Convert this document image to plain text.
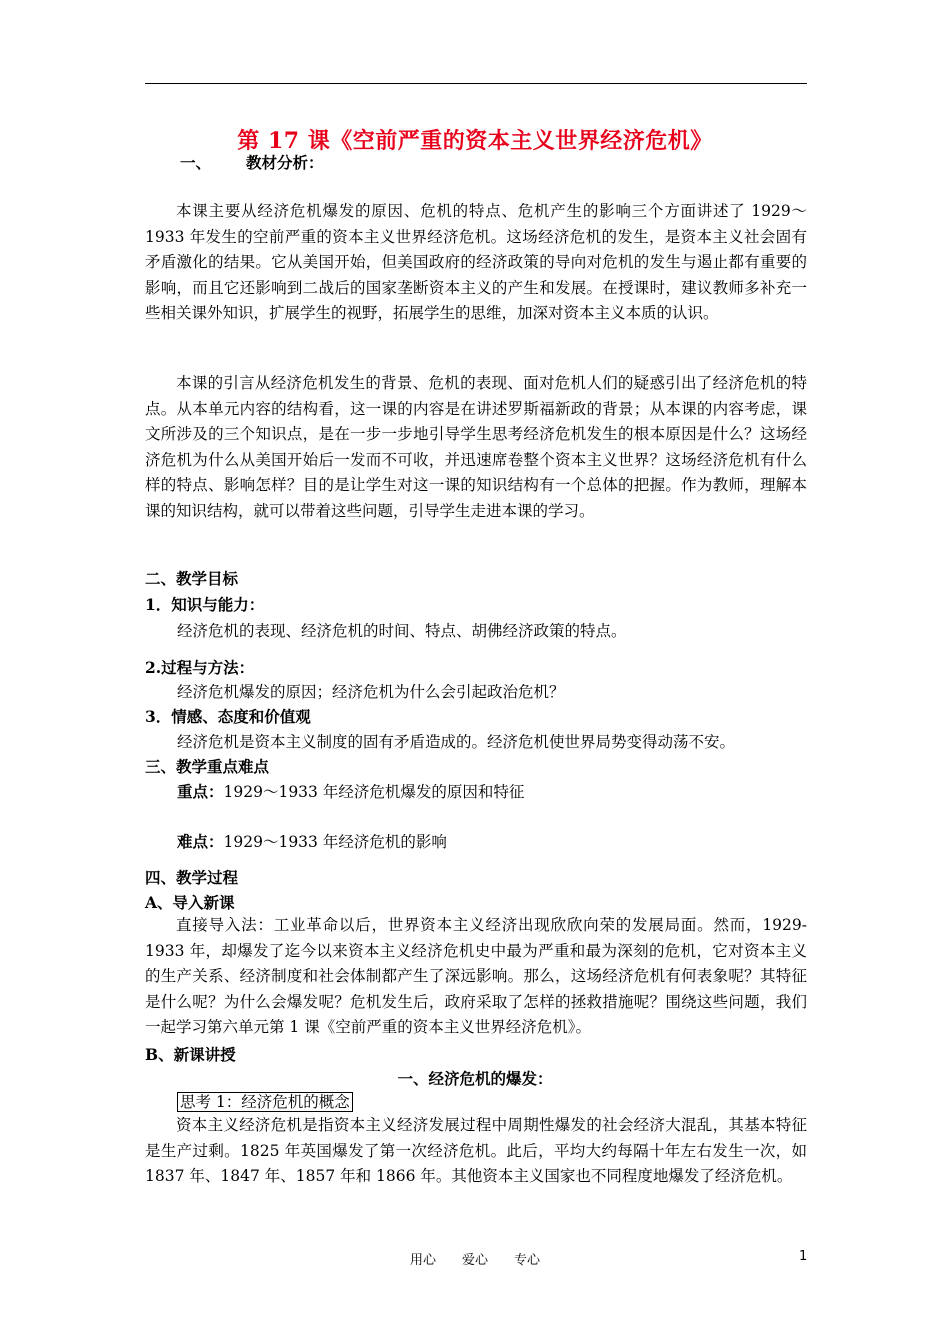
第 17 课《空前严重的资本主义世界经济危机》
一、 教材分析：

本课主要从经济危机爆发的原因、危机的特点、危机产生的影响三个方面讲述了 1929～1933 年发生的空前严重的资本主义世界经济危机。这场经济危机的发生，是资本主义社会固有矛盾激化的结果。它从美国开始，但美国政府的经济政策的导向对危机的发生与遏止都有重要的影响，而且它还影响到二战后的国家垄断资本主义的产生和发展。在授课时，建议教师多补充一些相关课外知识，扩展学生的视野，拓展学生的思维，加深对资本主义本质的认识。

本课的引言从经济危机发生的背景、危机的表现、面对危机人们的疑惑引出了经济危机的特点。从本单元内容的结构看，这一课的内容是在讲述罗斯福新政的背景；从本课的内容考虑，课文所涉及的三个知识点，是在一步一步地引导学生思考经济危机发生的根本原因是什么？这场经济危机为什么从美国开始后一发而不可收，并迅速席卷整个资本主义世界？这场经济危机有什么样的特点、影响怎样？目的是让学生对这一课的知识结构有一个总体的把握。作为教师，理解本课的知识结构，就可以带着这些问题，引导学生走进本课的学习。

二、教学目标
1．知识与能力：
经济危机的表现、经济危机的时间、特点、胡佛经济政策的特点。
2.过程与方法：
经济危机爆发的原因；经济危机为什么会引起政治危机？
3．情感、态度和价值观
经济危机是资本主义制度的固有矛盾造成的。经济危机使世界局势变得动荡不安。
三、教学重点难点
重点：1929～1933 年经济危机爆发的原因和特征
难点：1929～1933 年经济危机的影响
四、教学过程
A、导入新课

直接导入法：工业革命以后，世界资本主义经济出现欣欣向荣的发展局面。然而，1929-1933 年，却爆发了迄今以来资本主义经济危机史中最为严重和最为深刻的危机，它对资本主义的生产关系、经济制度和社会体制都产生了深远影响。那么，这场经济危机有何表象呢？其特征是什么呢？为什么会爆发呢？危机发生后，政府采取了怎样的拯救措施呢？围绕这些问题，我们一起学习第六单元第 1 课《空前严重的资本主义世界经济危机》。

B、新课讲授
一、经济危机的爆发：
思考 1：经济危机的概念

资本主义经济危机是指资本主义经济发展过程中周期性爆发的社会经济大混乱，其基本特征是生产过剩。1825 年英国爆发了第一次经济危机。此后，平均大约每隔十年左右发生一次，如 1837 年、1847 年、1857 年和 1866 年。其他资本主义国家也不同程度地爆发了经济危机。

用心　　爱心　　专心	1
